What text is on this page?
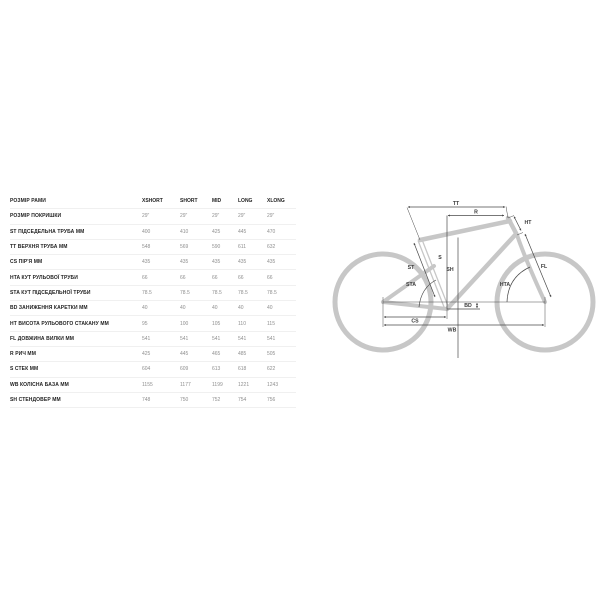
РОЗМІР РАМИ	XSHORT	SHORT	MID	LONG	XLONG
РОЗМІР ПОКРИШКИ	29"	29"	29"	29"	29"
ST ПІДСЕДЕЛЬНА ТРУБА ММ	400	410	425	445	470
TT ВЕРХНЯ ТРУБА ММ	548	569	590	611	632
CS ПІР'Я ММ	435	435	435	435	435
HTA КУТ РУЛЬОВОЇ ТРУБИ	66	66	66	66	66
STA КУТ ПІДСЕДЕЛЬНОЇ ТРУБИ	78.5	78.5	78.5	78.5	78.5
BD ЗАНИЖЕННЯ КАРЕТКИ ММ	40	40	40	40	40
HT ВИСОТА РУЛЬОВОГО СТАКАНУ ММ	95	100	105	110	115
FL ДОВЖИНА ВИЛКИ ММ	541	541	541	541	541
R РИЧ ММ	425	445	465	485	505
S СТЕК ММ	604	609	613	618	622
WB КОЛІСНА БАЗА ММ	1155	1177	1199	1221	1243
SH СТЕНДОВЕР ММ	748	750	752	754	756
TT
R
HT
S
SH
ST
STA	HTA
FL
BD
CS
WB
